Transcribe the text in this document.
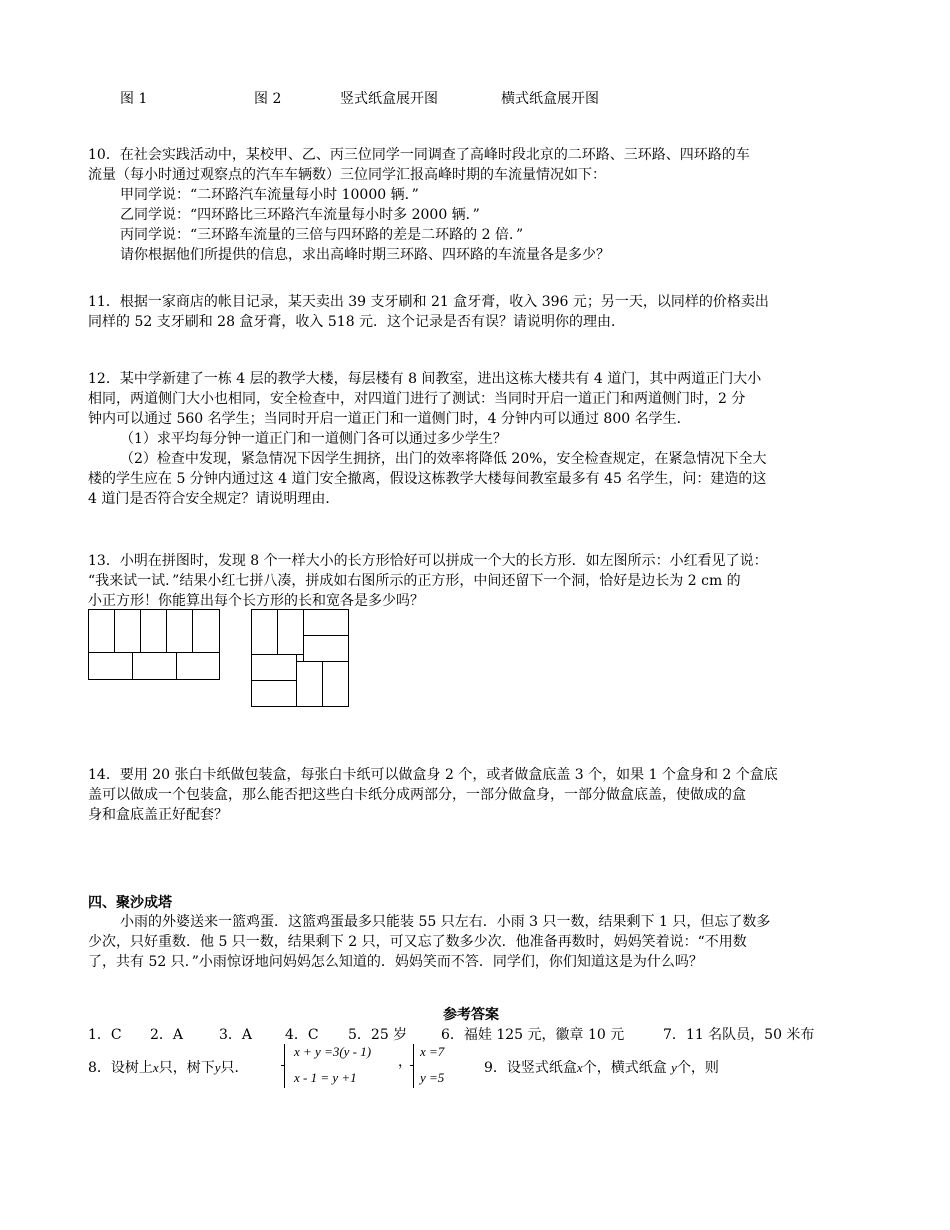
图 1	图 2	竖式纸盒展开图	横式纸盒展开图
10．在社会实践活动中，某校甲、乙、丙三位同学一同调查了高峰时段北京的二环路、三环路、四环路的车
流量（每小时通过观察点的汽车车辆数）三位同学汇报高峰时期的车流量情况如下：
甲同学说：“二环路汽车流量每小时 10000 辆．”
乙同学说：“四环路比三环路汽车流量每小时多 2000 辆．”
丙同学说：“三环路车流量的三倍与四环路的差是二环路的 2 倍．”
请你根据他们所提供的信息，求出高峰时期三环路、四环路的车流量各是多少？
11．根据一家商店的帐目记录，某天卖出 39 支牙刷和 21 盒牙膏，收入 396 元；另一天，以同样的价格卖出
同样的 52 支牙刷和 28 盒牙膏，收入 518 元．这个记录是否有误？请说明你的理由．
12．某中学新建了一栋 4 层的教学大楼，每层楼有 8 间教室，进出这栋大楼共有 4 道门，其中两道正门大小
相同，两道侧门大小也相同，安全检查中，对四道门进行了测试：当同时开启一道正门和两道侧门时，2 分
钟内可以通过 560 名学生；当同时开启一道正门和一道侧门时，4 分钟内可以通过 800 名学生．
（1）求平均每分钟一道正门和一道侧门各可以通过多少学生？
（2）检查中发现，紧急情况下因学生拥挤，出门的效率将降低 20%，安全检查规定，在紧急情况下全大
楼的学生应在 5 分钟内通过这 4 道门安全撤离，假设这栋教学大楼每间教室最多有 45 名学生，问：建造的这
4 道门是否符合安全规定？请说明理由．
13．小明在拼图时，发现 8 个一样大小的长方形恰好可以拼成一个大的长方形．如左图所示：小红看见了说：
“我来试一试．”结果小红七拼八凑，拼成如右图所示的正方形，中间还留下一个洞，恰好是边长为 2 cm 的
小正方形！你能算出每个长方形的长和宽各是多少吗？
14．要用 20 张白卡纸做包装盒，每张白卡纸可以做盒身 2 个，或者做盒底盖 3 个，如果 1 个盒身和 2 个盒底
盖可以做成一个包装盒，那么能否把这些白卡纸分成两部分，一部分做盒身，一部分做盒底盖，使做成的盒
身和盒底盖正好配套？
四、聚沙成塔
小雨的外婆送来一篮鸡蛋．这篮鸡蛋最多只能装 55 只左右．小雨 3 只一数，结果剩下 1 只，但忘了数多
少次，只好重数．他 5 只一数，结果剩下 2 只，可又忘了数多少次．他准备再数时，妈妈笑着说：“不用数
了，共有 52 只．”小雨惊讶地问妈妈怎么知道的．妈妈笑而不答．同学们，你们知道这是为什么吗？
参考答案
1．C 2．A	3．A 4．C 5．25 岁 6．福娃 125 元，徽章 10 元	7．11 名队员，50 米布
8．设树上x只，树下y只．
x + y =3(y - 1)
x - 1 = y +1
，
x =7
y =5
9．设竖式纸盒x个，横式纸盒 y个，则
